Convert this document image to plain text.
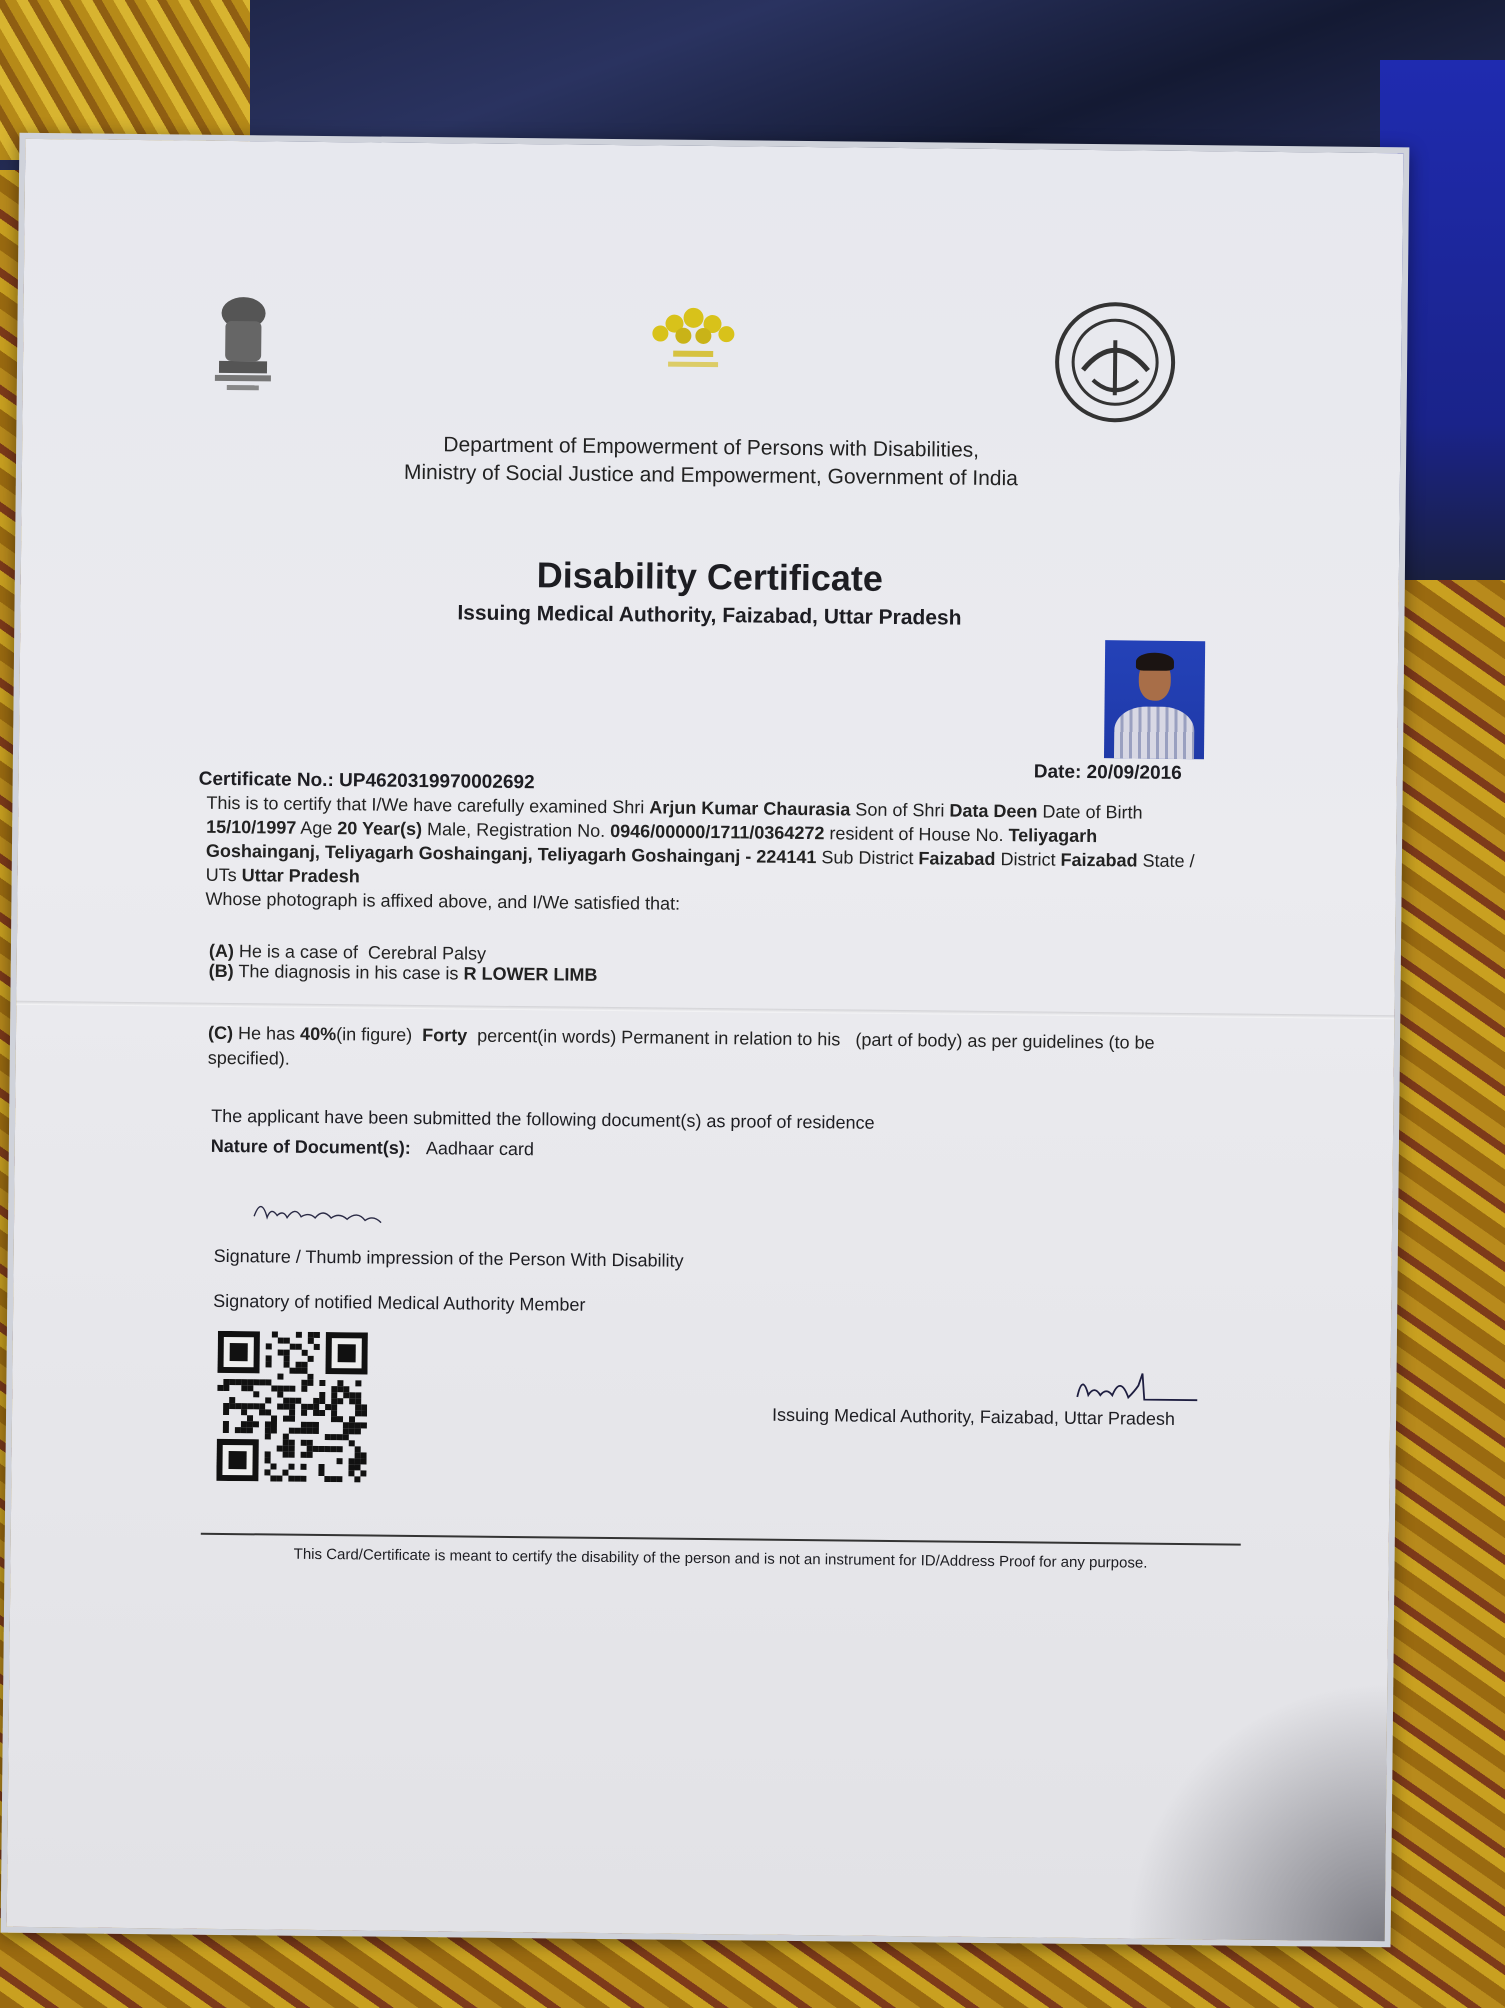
Department of Empowerment of Persons with Disabilities,
Ministry of Social Justice and Empowerment, Government of India
Disability Certificate
Issuing Medical Authority, Faizabad, Uttar Pradesh
Certificate No.: UP4620319970002692	Date: 20/09/2016
This is to certify that I/We have carefully examined Shri Arjun Kumar Chaurasia Son of Shri Data Deen Date of Birth 15/10/1997 Age 20 Year(s) Male, Registration No. 0946/00000/1711/0364272 resident of House No. Teliyagarh Goshainganj, Teliyagarh Goshainganj, Teliyagarh Goshainganj - 224141 Sub District Faizabad District Faizabad State / UTs Uttar Pradesh
Whose photograph is affixed above, and I/We satisfied that:
(A) He is a case of Cerebral Palsy
(B) The diagnosis in his case is R LOWER LIMB
(C) He has 40%(in figure) Forty percent(in words) Permanent in relation to his (part of body) as per guidelines (to be specified).
The applicant have been submitted the following document(s) as proof of residence
Nature of Document(s): Aadhaar card
Signature / Thumb impression of the Person With Disability
Signatory of notified Medical Authority Member
Issuing Medical Authority, Faizabad, Uttar Pradesh
This Card/Certificate is meant to certify the disability of the person and is not an instrument for ID/Address Proof for any purpose.
